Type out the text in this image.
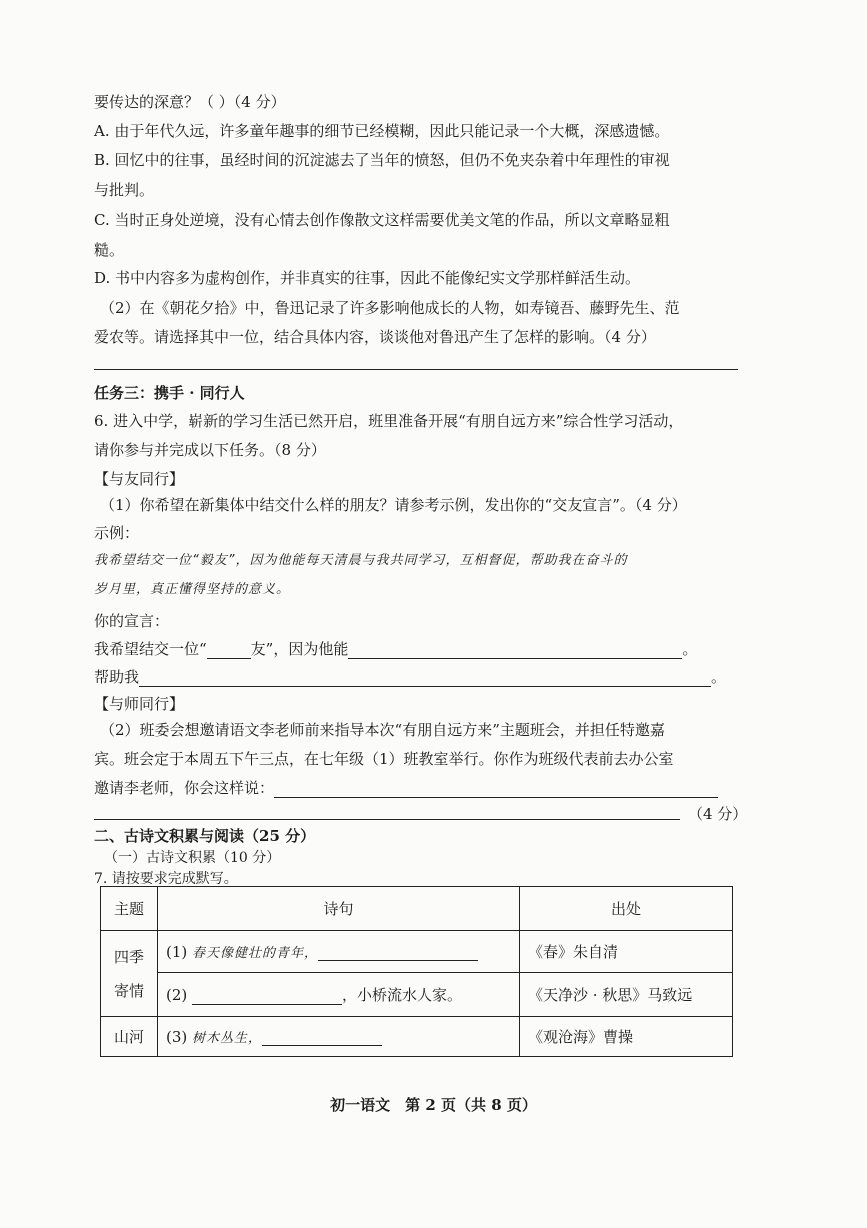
要传达的深意？（ ）（4 分）
A. 由于年代久远，许多童年趣事的细节已经模糊，因此只能记录一个大概，深感遗憾。
B. 回忆中的往事，虽经时间的沉淀滤去了当年的愤怒，但仍不免夹杂着中年理性的审视
与批判。
C. 当时正身处逆境，没有心情去创作像散文这样需要优美文笔的作品，所以文章略显粗
糙。
D. 书中内容多为虚构创作，并非真实的往事，因此不能像纪实文学那样鲜活生动。
（2）在《朝花夕拾》中，鲁迅记录了许多影响他成长的人物，如寿镜吾、藤野先生、范
爱农等。请选择其中一位，结合具体内容，谈谈他对鲁迅产生了怎样的影响。（4 分）
任务三：携手 · 同行人
6. 进入中学，崭新的学习生活已然开启，班里准备开展“有朋自远方来”综合性学习活动，
请你参与并完成以下任务。（8 分）
【与友同行】
（1）你希望在新集体中结交什么样的朋友？请参考示例，发出你的“交友宣言”。（4 分）
示例：
我希望结交一位“毅友”，因为他能每天清晨与我共同学习，互相督促，帮助我在奋斗的
岁月里，真正懂得坚持的意义。
你的宣言：
我希望结交一位“	友”，因为他能	。
帮助我	。
【与师同行】
（2）班委会想邀请语文李老师前来指导本次“有朋自远方来”主题班会，并担任特邀嘉
宾。班会定于本周五下午三点，在七年级（1）班教室举行。你作为班级代表前去办公室
邀请李老师，你会这样说：
（4 分）
二、古诗文积累与阅读（25 分）
（一）古诗文积累（10 分）
7. 请按要求完成默写。
主题	诗句	出处
四季
寄情	(1) 春天像健壮的青年，	《春》朱自清
	(2) ，小桥流水人家。	《天净沙 · 秋思》马致远
山河	(3) 树木丛生，	《观沧海》曹操
初一语文　第 2 页（共 8 页）
